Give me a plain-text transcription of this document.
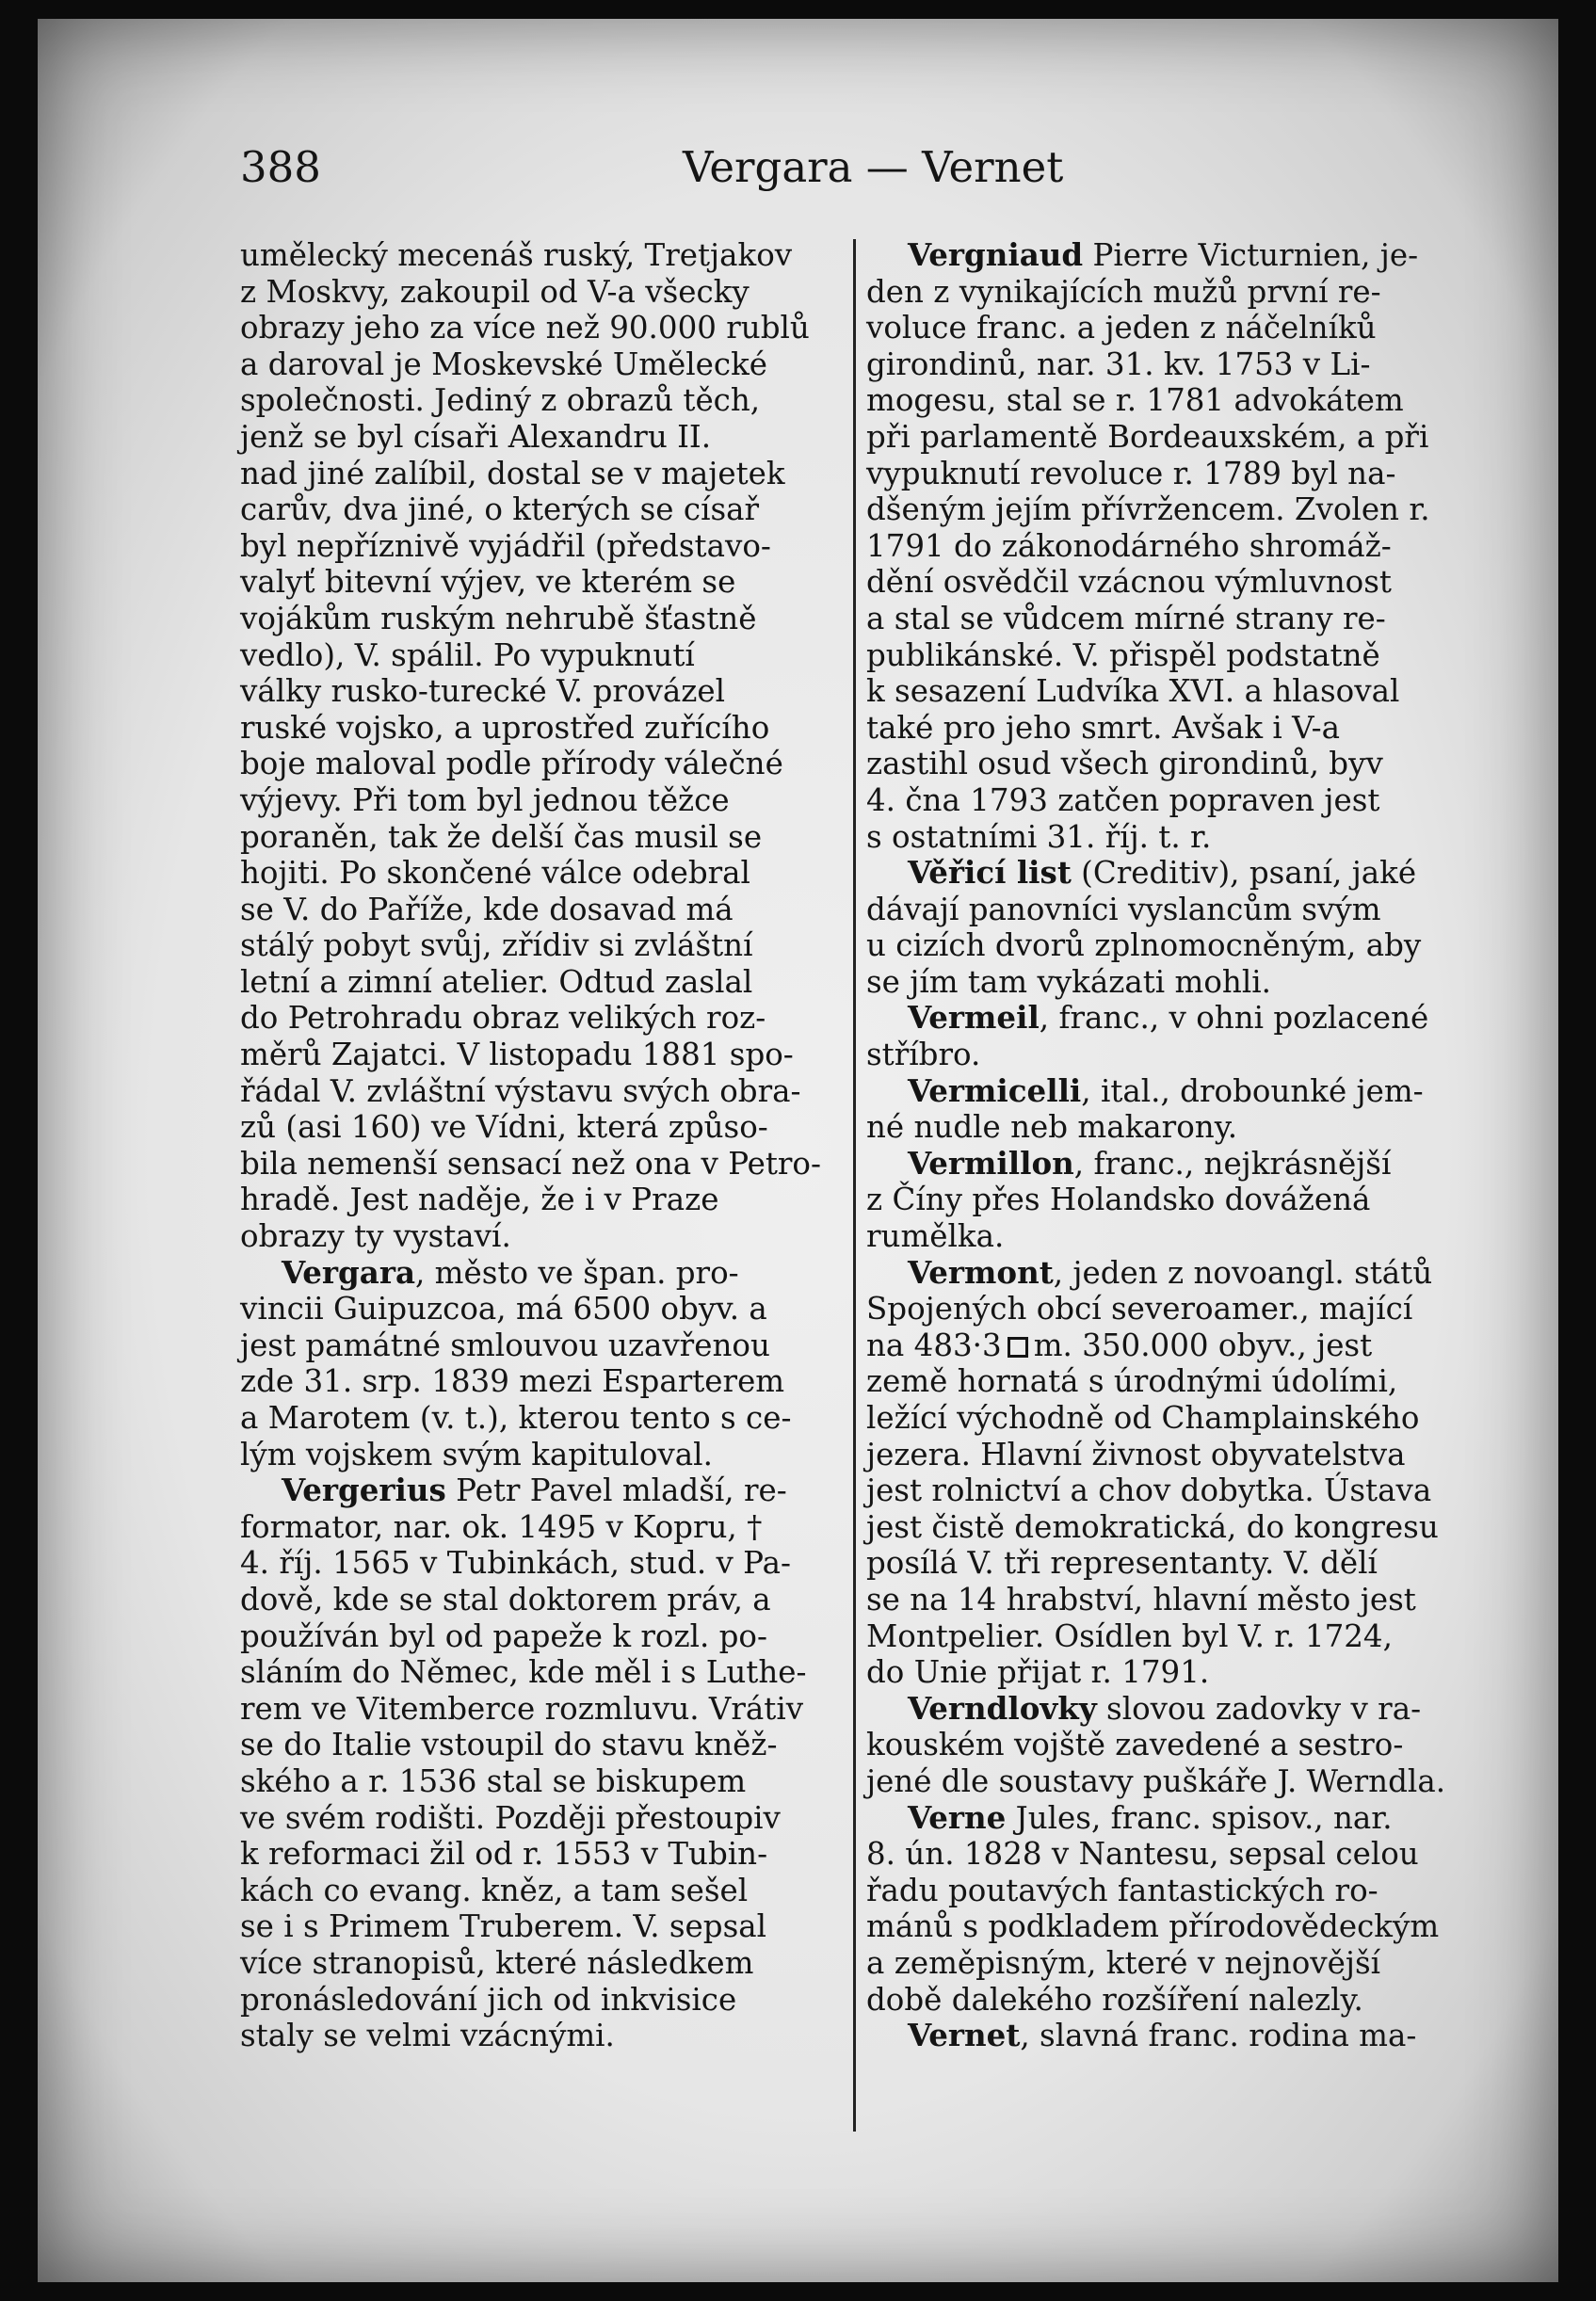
388	Vergara — Vernet
umělecký mecenáš ruský, Tretjakov
z Moskvy, zakoupil od V-a všecky
obrazy jeho za více než 90.000 rublů
a daroval je Moskevské Umělecké
společnosti. Jediný z obrazů těch,
jenž se byl císaři Alexandru II.
nad jiné zalíbil, dostal se v majetek
carův, dva jiné, o kterých se císař
byl nepříznivě vyjádřil (představo-
valyť bitevní výjev, ve kterém se
vojákům ruským nehrubě šťastně
vedlo), V. spálil. Po vypuknutí
války rusko-turecké V. provázel
ruské vojsko, a uprostřed zuřícího
boje maloval podle přírody válečné
výjevy. Při tom byl jednou těžce
poraněn, tak že delší čas musil se
hojiti. Po skončené válce odebral
se V. do Paříže, kde dosavad má
stálý pobyt svůj, zřídiv si zvláštní
letní a zimní atelier. Odtud zaslal
do Petrohradu obraz velikých roz-
měrů Zajatci. V listopadu 1881 spo-
řádal V. zvláštní výstavu svých obra-
zů (asi 160) ve Vídni, která způso-
bila nemenší sensací než ona v Petro-
hradě. Jest naděje, že i v Praze
obrazy ty vystaví.
Vergara, město ve špan. pro-
vincii Guipuzcoa, má 6500 obyv. a
jest památné smlouvou uzavřenou
zde 31. srp. 1839 mezi Esparterem
a Marotem (v. t.), kterou tento s ce-
lým vojskem svým kapituloval.
Vergerius Petr Pavel mladší, re-
formator, nar. ok. 1495 v Kopru, †
4. říj. 1565 v Tubinkách, stud. v Pa-
dově, kde se stal doktorem práv, a
používán byl od papeže k rozl. po-
sláním do Němec, kde měl i s Luthe-
rem ve Vitemberce rozmluvu. Vrátiv
se do Italie vstoupil do stavu kněž-
ského a r. 1536 stal se biskupem
ve svém rodišti. Později přestoupiv
k reformaci žil od r. 1553 v Tubin-
kách co evang. kněz, a tam sešel
se i s Primem Truberem. V. sepsal
více stranopisů, které následkem
pronásledování jich od inkvisice
staly se velmi vzácnými.
Vergniaud Pierre Victurnien, je-
den z vynikajících mužů první re-
voluce franc. a jeden z náčelníků
girondinů, nar. 31. kv. 1753 v Li-
mogesu, stal se r. 1781 advokátem
při parlamentě Bordeauxském, a při
vypuknutí revoluce r. 1789 byl na-
dšeným jejím přívržencem. Zvolen r.
1791 do zákonodárného shromáž-
dění osvědčil vzácnou výmluvnost
a stal se vůdcem mírné strany re-
publikánské. V. přispěl podstatně
k sesazení Ludvíka XVI. a hlasoval
také pro jeho smrt. Avšak i V-a
zastihl osud všech girondinů, byv
4. čna 1793 zatčen popraven jest
s ostatními 31. říj. t. r.
Věřicí list (Creditiv), psaní, jaké
dávají panovníci vyslancům svým
u cizích dvorů zplnomocněným, aby
se jím tam vykázati mohli.
Vermeil, franc., v ohni pozlacené
stříbro.
Vermicelli, ital., drobounké jem-
né nudle neb makarony.
Vermillon, franc., nejkrásnější
z Číny přes Holandsko dovážená
rumělka.
Vermont, jeden z novoangl. států
Spojených obcí severoamer., mající
na 483·3 m. 350.000 obyv., jest
země hornatá s úrodnými údolími,
ležící východně od Champlainského
jezera. Hlavní živnost obyvatelstva
jest rolnictví a chov dobytka. Ústava
jest čistě demokratická, do kongresu
posílá V. tři representanty. V. dělí
se na 14 hrabství, hlavní město jest
Montpelier. Osídlen byl V. r. 1724,
do Unie přijat r. 1791.
Verndlovky slovou zadovky v ra-
kouském vojště zavedené a sestro-
jené dle soustavy puškáře J. Werndla.
Verne Jules, franc. spisov., nar.
8. ún. 1828 v Nantesu, sepsal celou
řadu poutavých fantastických ro-
mánů s podkladem přírodovědeckým
a zeměpisným, které v nejnovější
době dalekého rozšíření nalezly.
Vernet, slavná franc. rodina ma-
